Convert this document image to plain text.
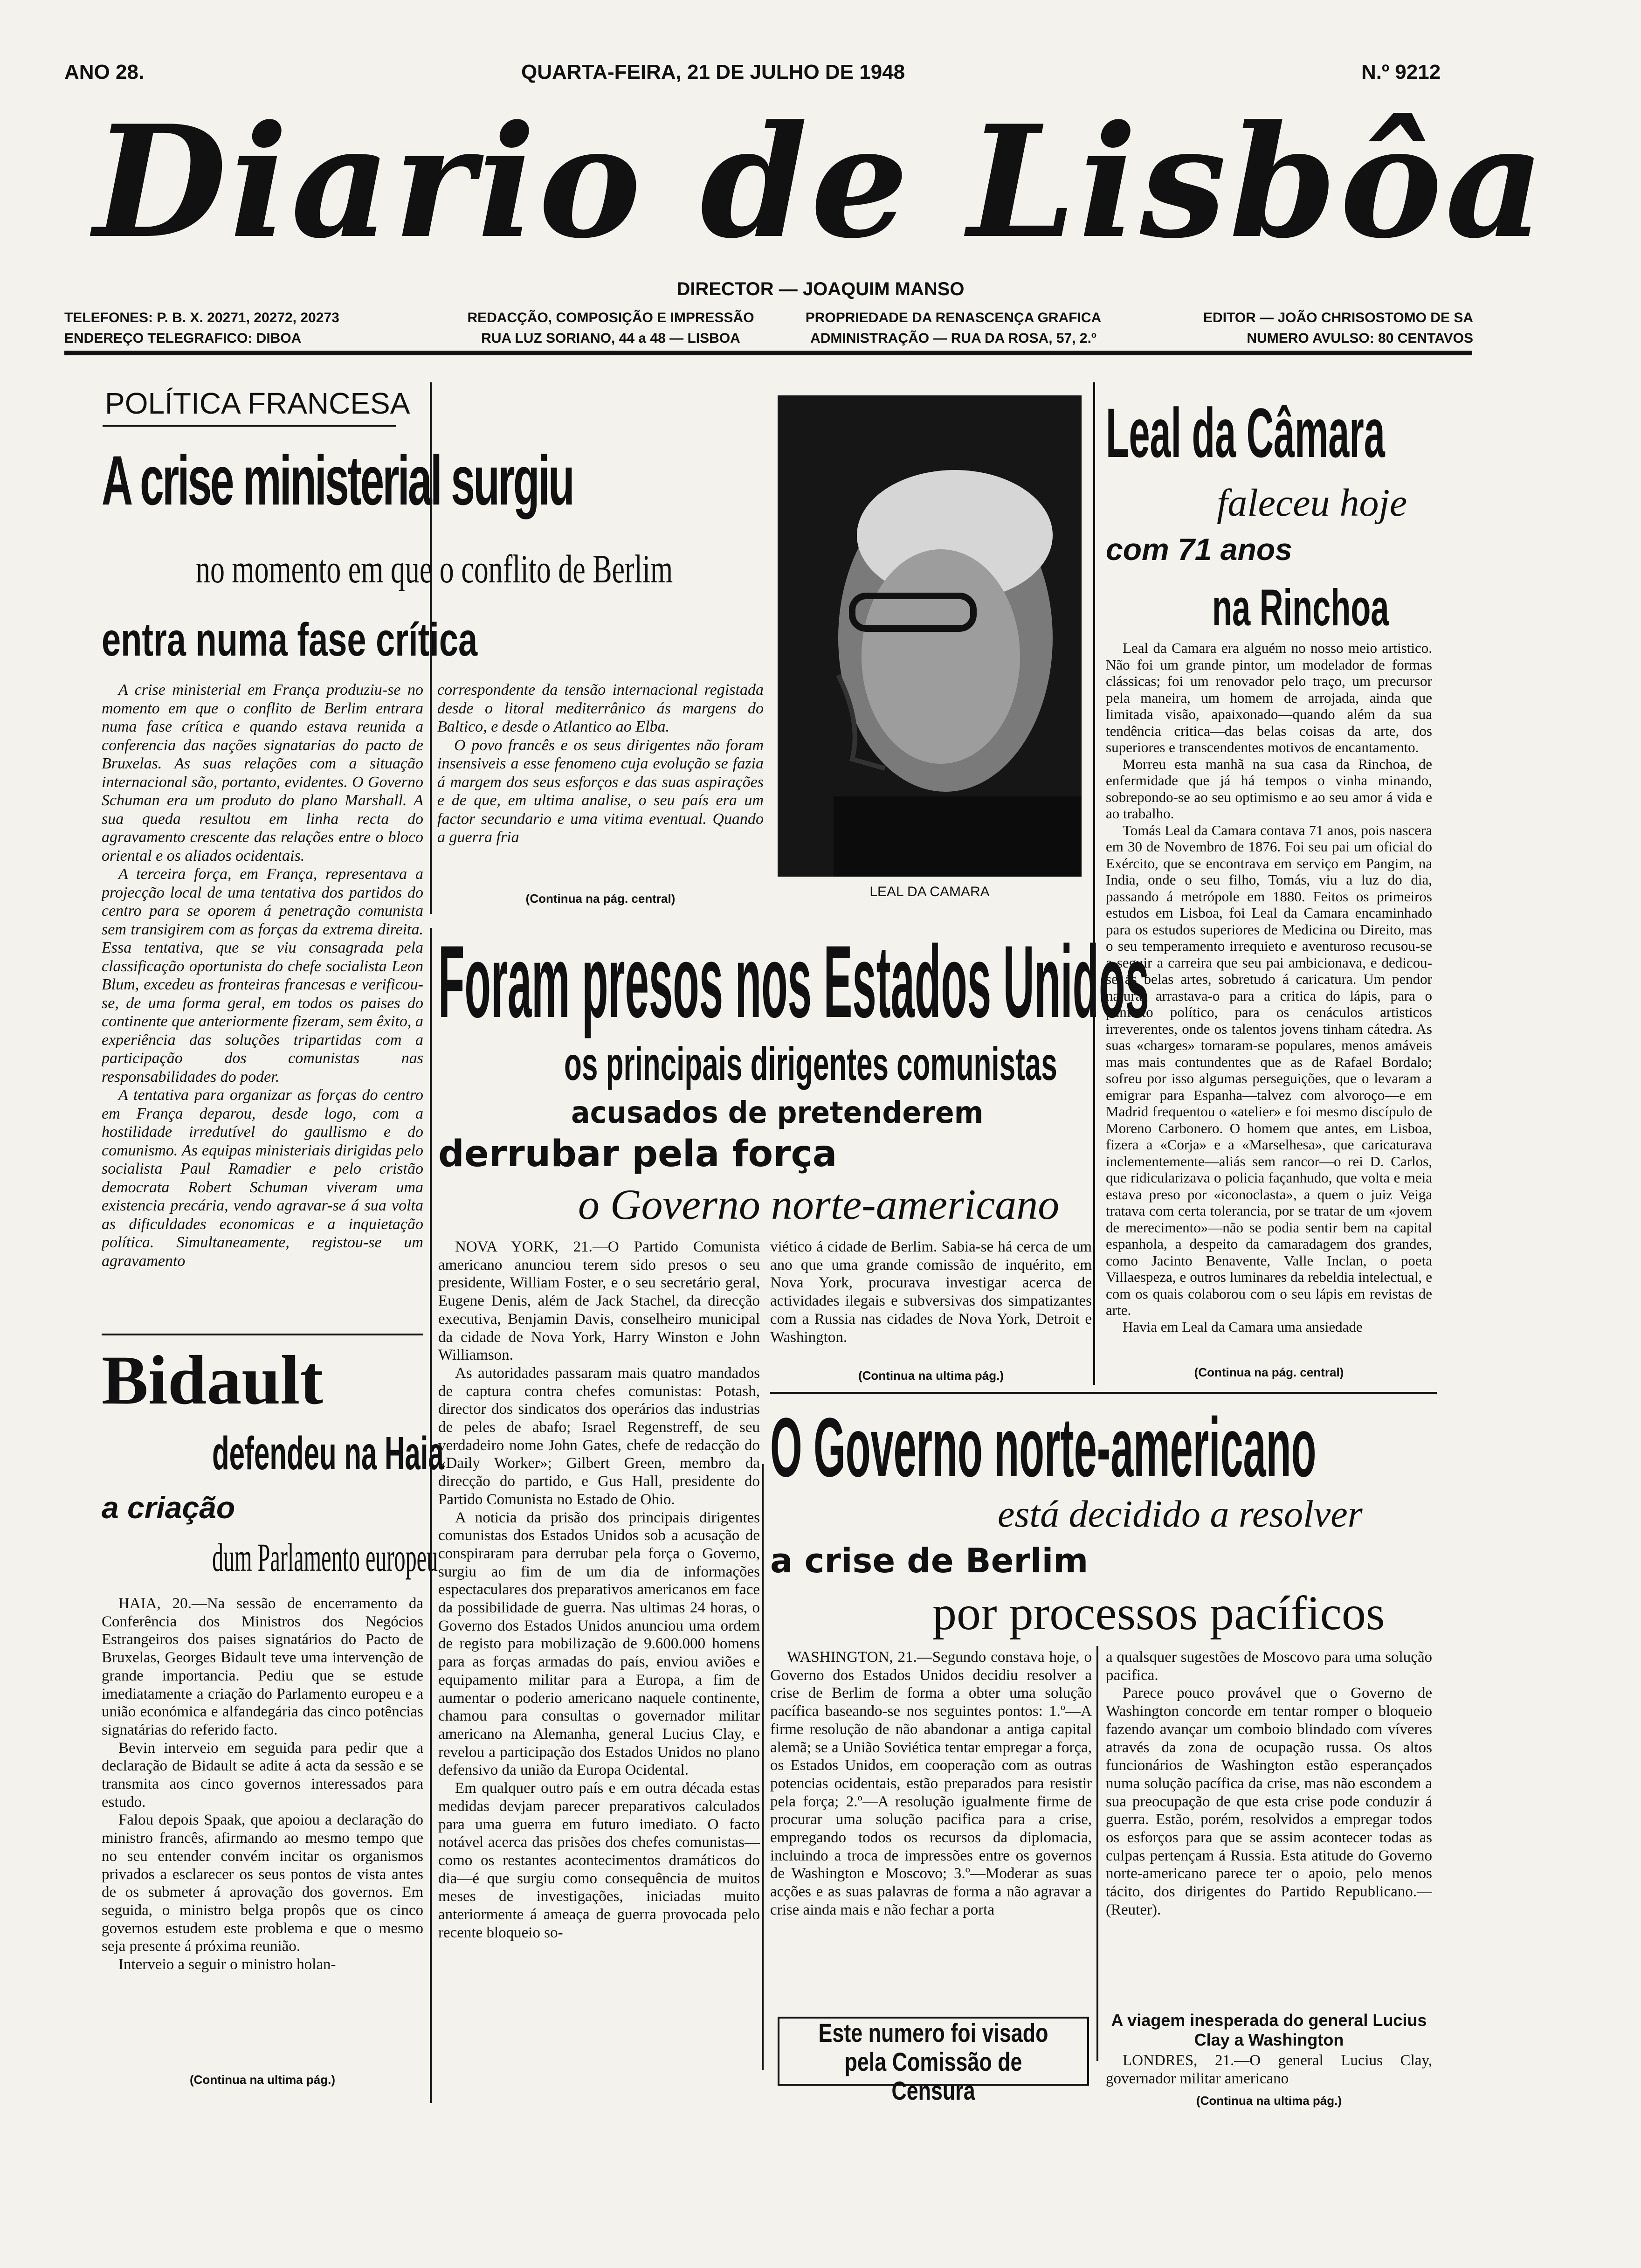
ANO 28.	QUARTA-FEIRA, 21 DE JULHO DE 1948	N.º 9212
Diario de Lisbôa
DIRECTOR — JOAQUIM MANSO
TELEFONES: P. B. X. 20271, 20272, 20273
ENDEREÇO TELEGRAFICO: DIBOA
REDACÇÃO, COMPOSIÇÃO E IMPRESSÃO
RUA LUZ SORIANO, 44 a 48 — LISBOA
PROPRIEDADE DA RENASCENÇA GRAFICA
ADMINISTRAÇÃO — RUA DA ROSA, 57, 2.º
EDITOR — JOÃO CHRISOSTOMO DE SA
NUMERO AVULSO: 80 CENTAVOS
POLÍTICA FRANCESA
A crise ministerial surgiu
no momento em que o conflito de Berlim
entra numa fase crítica

A crise ministerial em França produziu-se no momento em que o conflito de Berlim entrara numa fase crítica e quando estava reunida a conferencia das nações signatarias do pacto de Bruxelas. As suas relações com a situação internacional são, portanto, evidentes. O Governo Schuman era um produto do plano Marshall. A sua queda resultou em linha recta do agravamento crescente das relações entre o bloco oriental e os aliados ocidentais.

A terceira força, em França, representava a projecção local de uma tentativa dos partidos do centro para se oporem á penetração comunista sem transigirem com as forças da extrema direita. Essa tentativa, que se viu consagrada pela classificação oportunista do chefe socialista Leon Blum, excedeu as fronteiras francesas e verificou-se, de uma forma geral, em todos os paises do continente que anteriormente fizeram, sem êxito, a experiência das soluções tripartidas com a participação dos comunistas nas responsabilidades do poder.

A tentativa para organizar as forças do centro em França deparou, desde logo, com a hostilidade irredutível do gaullismo e do comunismo. As equipas ministeriais dirigidas pelo socialista Paul Ramadier e pelo cristão democrata Robert Schuman viveram uma existencia precária, vendo agravar-se á sua volta as dificuldades economicas e a inquietação política. Simultaneamente, registou-se um agravamento

correspondente da tensão internacional registada desde o litoral mediterrânico ás margens do Baltico, e desde o Atlantico ao Elba.

O povo francês e os seus dirigentes não foram insensiveis a esse fenomeno cuja evolução se fazia á margem dos seus esforços e das suas aspirações e de que, em ultima analise, o seu país era um factor secundario e uma vitima eventual. Quando a guerra fria

(Continua na pág. central)	LEAL DA CAMARA
Leal da Câmara
faleceu hoje
com 71 anos
na Rinchoa

Leal da Camara era alguém no nosso meio artistico. Não foi um grande pintor, um modelador de formas clássicas; foi um renovador pelo traço, um precursor pela maneira, um homem de arrojada, ainda que limitada visão, apaixonado—quando além da sua tendência critica—das belas coisas da arte, dos superiores e transcendentes motivos de encantamento.

Morreu esta manhã na sua casa da Rinchoa, de enfermidade que já há tempos o vinha minando, sobrepondo-se ao seu optimismo e ao seu amor á vida e ao trabalho.

Tomás Leal da Camara contava 71 anos, pois nascera em 30 de Novembro de 1876. Foi seu pai um oficial do Exército, que se encontrava em serviço em Pangim, na India, onde o seu filho, Tomás, viu a luz do dia, passando á metrópole em 1880. Feitos os primeiros estudos em Lisboa, foi Leal da Camara encaminhado para os estudos superiores de Medicina ou Direito, mas o seu temperamento irrequieto e aventuroso recusou-se a seguir a carreira que seu pai ambicionava, e dedicou-se ás belas artes, sobretudo á caricatura. Um pendor natural arrastava-o para a critica do lápis, para o panfleto político, para os cenáculos artisticos irreverentes, onde os talentos jovens tinham cátedra. As suas «charges» tornaram-se populares, menos amáveis mas mais contundentes que as de Rafael Bordalo; sofreu por isso algumas perseguições, que o levaram a emigrar para Espanha—talvez com alvoroço—e em Madrid frequentou o «atelier» e foi mesmo discípulo de Moreno Carbonero. O homem que antes, em Lisboa, fizera a «Corja» e a «Marselhesa», que caricaturava inclementemente—aliás sem rancor—o rei D. Carlos, que ridicularizava o policia façanhudo, que volta e meia estava preso por «iconoclasta», a quem o juiz Veiga tratava com certa tolerancia, por se tratar de um «jovem de merecimento»—não se podia sentir bem na capital espanhola, a despeito da camaradagem dos grandes, como Jacinto Benavente, Valle Inclan, o poeta Villaespeza, e outros luminares da rebeldia intelectual, e com os quais colaborou com o seu lápis em revistas de arte.

Havia em Leal da Camara uma ansiedade

(Continua na pág. central)
Foram presos nos Estados Unidos
os principais dirigentes comunistas
acusados de pretenderem
derrubar pela força
o Governo norte-americano

NOVA YORK, 21.—O Partido Comunista americano anunciou terem sido presos o seu presidente, William Foster, e o seu secretário geral, Eugene Denis, além de Jack Stachel, da direcção executiva, Benjamin Davis, conselheiro municipal da cidade de Nova York, Harry Winston e John Williamson.

As autoridades passaram mais quatro mandados de captura contra chefes comunistas: Potash, director dos sindicatos dos operários das industrias de peles de abafo; Israel Regenstreff, de seu verdadeiro nome John Gates, chefe de redacção do «Daily Worker»; Gilbert Green, membro da direcção do partido, e Gus Hall, presidente do Partido Comunista no Estado de Ohio.

A noticia da prisão dos principais dirigentes comunistas dos Estados Unidos sob a acusação de conspiraram para derrubar pela força o Governo, surgiu ao fim de um dia de informações espectaculares dos preparativos americanos em face da possibilidade de guerra. Nas ultimas 24 horas, o Governo dos Estados Unidos anunciou uma ordem de registo para mobilização de 9.600.000 homens para as forças armadas do país, enviou aviões e equipamento militar para a Europa, a fim de aumentar o poderio americano naquele continente, chamou para consultas o governador militar americano na Alemanha, general Lucius Clay, e revelou a participação dos Estados Unidos no plano defensivo da união da Europa Ocidental.

Em qualquer outro país e em outra década estas medidas devjam parecer preparativos calculados para uma guerra em futuro imediato. O facto notável acerca das prisões dos chefes comunistas—como os restantes acontecimentos dramáticos do dia—é que surgiu como consequência de muitos meses de investigações, iniciadas muito anteriormente á ameaça de guerra provocada pelo recente bloqueio so-

viético á cidade de Berlim. Sabia-se há cerca de um ano que uma grande comissão de inquérito, em Nova York, procurava investigar acerca de actividades ilegais e subversivas dos simpatizantes com a Russia nas cidades de Nova York, Detroit e Washington.

(Continua na ultima pág.)
O Governo norte-americano
está decidido a resolver
a crise de Berlim
por processos pacíficos

WASHINGTON, 21.—Segundo constava hoje, o Governo dos Estados Unidos decidiu resolver a crise de Berlim de forma a obter uma solução pacífica baseando-se nos seguintes pontos: 1.º—A firme resolução de não abandonar a antiga capital alemã; se a União Soviética tentar empregar a força, os Estados Unidos, em cooperação com as outras potencias ocidentais, estão preparados para resistir pela força; 2.º—A resolução igualmente firme de procurar uma solução pacifica para a crise, empregando todos os recursos da diplomacia, incluindo a troca de impressões entre os governos de Washington e Moscovo; 3.º—Moderar as suas acções e as suas palavras de forma a não agravar a crise ainda mais e não fechar a porta

a qualsquer sugestões de Moscovo para uma solução pacifica.

Parece pouco provável que o Governo de Washington concorde em tentar romper o bloqueio fazendo avançar um comboio blindado com víveres através da zona de ocupação russa. Os altos funcionários de Washington estão esperançados numa solução pacífica da crise, mas não escondem a sua preocupação de que esta crise pode conduzir á guerra. Estão, porém, resolvidos a empregar todos os esforços para que se assim acontecer todas as culpas pertençam á Russia. Esta atitude do Governo norte-americano parece ter o apoio, pelo menos tácito, dos dirigentes do Partido Republicano.—(Reuter).

A viagem inesperada do general Lucius Clay a Washington

LONDRES, 21.—O general Lucius Clay, governador militar americano

(Continua na ultima pág.)
Este numero foi visado
pela Comissão de Censura
Bidault
defendeu na Haia
a criação
dum Parlamento europeu

HAIA, 20.—Na sessão de encerramento da Conferência dos Ministros dos Negócios Estrangeiros dos paises signatários do Pacto de Bruxelas, Georges Bidault teve uma intervenção de grande importancia. Pediu que se estude imediatamente a criação do Parlamento europeu e a união económica e alfandegária das cinco potências signatárias do referido facto.

Bevin interveio em seguida para pedir que a declaração de Bidault se adite á acta da sessão e se transmita aos cinco governos interessados para estudo.

Falou depois Spaak, que apoiou a declaração do ministro francês, afirmando ao mesmo tempo que no seu entender convém incitar os organismos privados a esclarecer os seus pontos de vista antes de os submeter á aprovação dos governos. Em seguida, o ministro belga propôs que os cinco governos estudem este problema e que o mesmo seja presente á próxima reunião.

Interveio a seguir o ministro holan-

(Continua na ultima pág.)
